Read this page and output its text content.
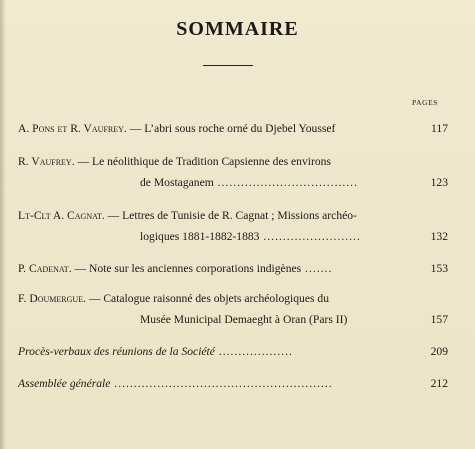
SOMMAIRE
PAGES
A. Pons et R. Vaufrey. — L’abri sous roche orné du Djebel Youssef	117
R. Vaufrey. — Le néolithique de Tradition Capsienne des environs
de Mostaganem ....................................	123
Lt-Clt A. Cagnat. — Lettres de Tunisie de R. Cagnat ; Missions archéo-
logiques 1881-1882-1883 .........................	132
P. Cadenat. — Note sur les anciennes corporations indigènes .......	153
F. Doumergue. — Catalogue raisonné des objets archéologiques du
Musée Municipal Demaeght à Oran (Pars II)	157
Procès-verbaux des réunions de la Société ...................	209
Assemblée générale ........................................................	212
